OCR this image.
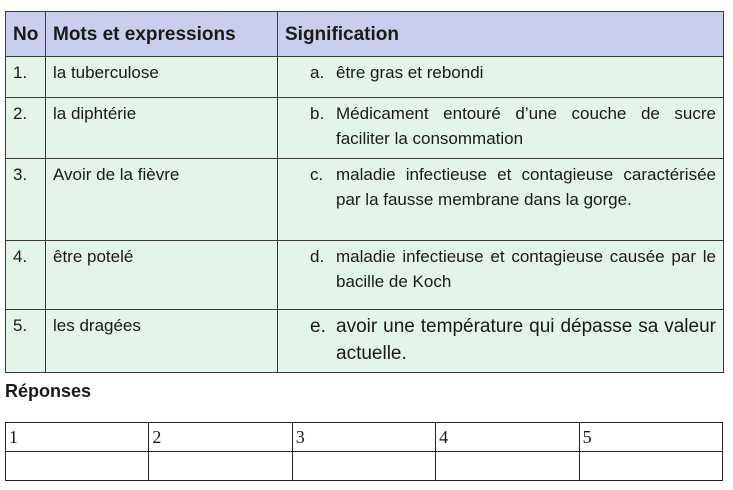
No	Mots et expressions	Signification
1.	la tuberculose	a. être gras et rebondi

2.	la diphtérie	b. Médicament entouré d’une couche de sucre faciliter la consommation

3.	Avoir de la fièvre	c. maladie infectieuse et contagieuse caractérisée par la fausse membrane dans la gorge.

4.	être potelé	d. maladie infectieuse et contagieuse causée par le bacille de Koch

5.	les dragées	e. avoir une température qui dépasse sa valeur actuelle.
Réponses
1	2	3	4	5
